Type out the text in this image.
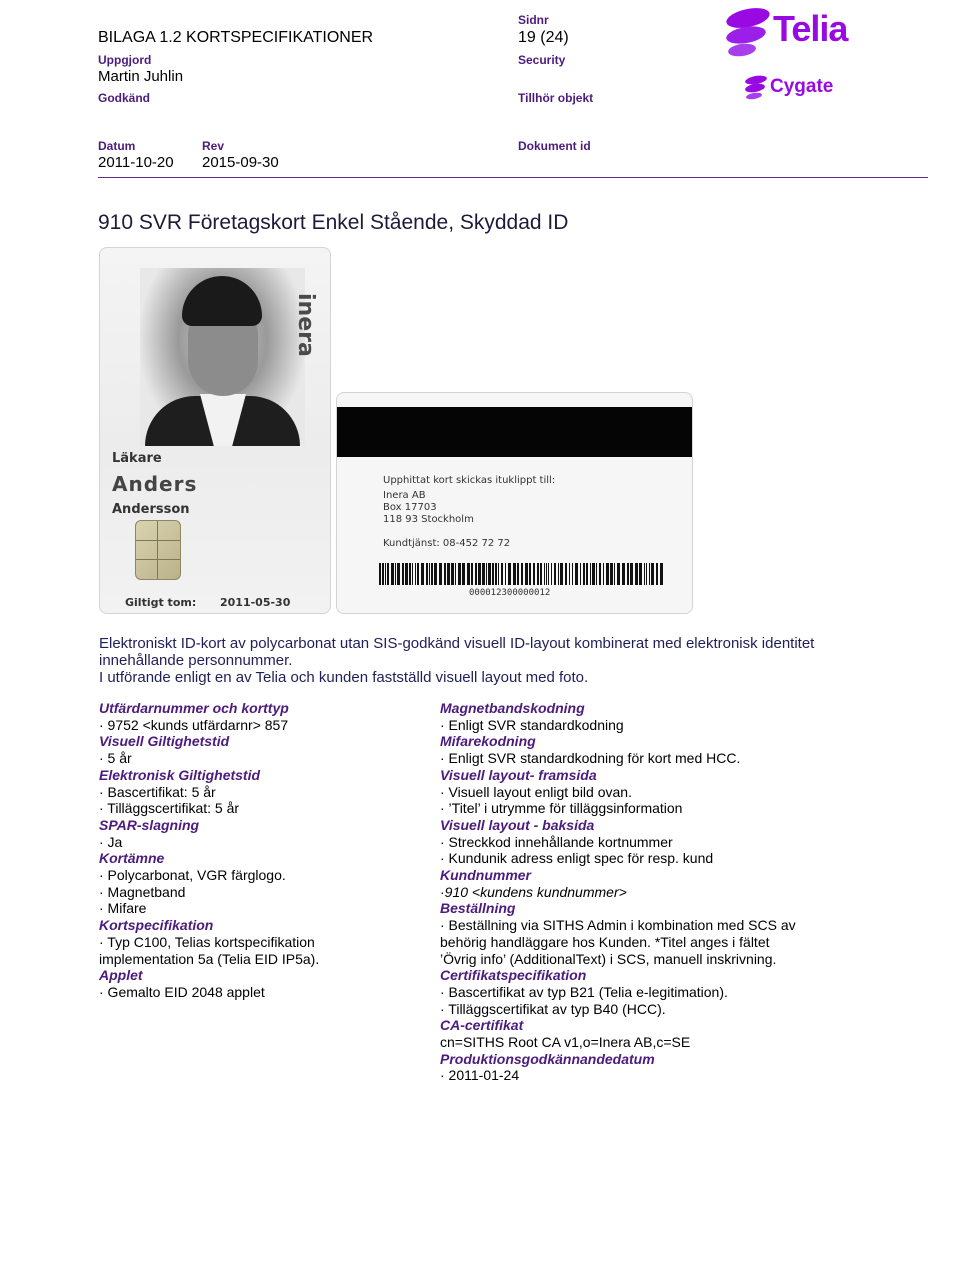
Sidnr
BILAGA 1.2 KORTSPECIFIKATIONER	19 (24)
Uppgjord	Security
Martin Juhlin
Godkänd	Tillhör objekt
Datum	Rev	Dokument id
2011-10-20 2015-09-30
Telia
Cygate
910 SVR Företagskort Enkel Stående, Skyddad ID
inera
Läkare
Anders
Andersson
Giltigt tom: 2011-05-30
Upphittat kort skickas ituklippt till:
Inera AB
Box 17703
118 93 Stockholm
Kundtjänst: 08-452 72 72
000012300000012
Elektroniskt ID-kort av polycarbonat utan SIS-godkänd visuell ID-layout kombinerat med elektronisk identitet innehållande personnummer.
I utförande enligt en av Telia och kunden fastställd visuell layout med foto.
Utfärdarnummer och korttyp
· 9752 <kunds utfärdarnr> 857
Visuell Giltighetstid
· 5 år
Elektronisk Giltighetstid
· Bascertifikat: 5 år
· Tilläggscertifikat: 5 år
SPAR-slagning
· Ja
Kortämne
· Polycarbonat, VGR färglogo.
· Magnetband
· Mifare
Kortspecifikation
· Typ C100, Telias kortspecifikation
implementation 5a (Telia EID IP5a).
Applet
· Gemalto EID 2048 applet
Magnetbandskodning
· Enligt SVR standardkodning
Mifarekodning
· Enligt SVR standardkodning för kort med HCC.
Visuell layout- framsida
· Visuell layout enligt bild ovan.
· ’Titel’ i utrymme för tilläggsinformation
Visuell layout - baksida
· Streckkod innehållande kortnummer
· Kundunik adress enligt spec för resp. kund
Kundnummer
·910 <kundens kundnummer>
Beställning
· Beställning via SITHS Admin i kombination med SCS av
behörig handläggare hos Kunden. *Titel anges i fältet
’Övrig info’ (AdditionalText) i SCS, manuell inskrivning.
Certifikatspecifikation
· Bascertifikat av typ B21 (Telia e-legitimation).
· Tilläggscertifikat av typ B40 (HCC).
CA-certifikat
cn=SITHS Root CA v1,o=Inera AB,c=SE
Produktionsgodkännandedatum
· 2011-01-24
